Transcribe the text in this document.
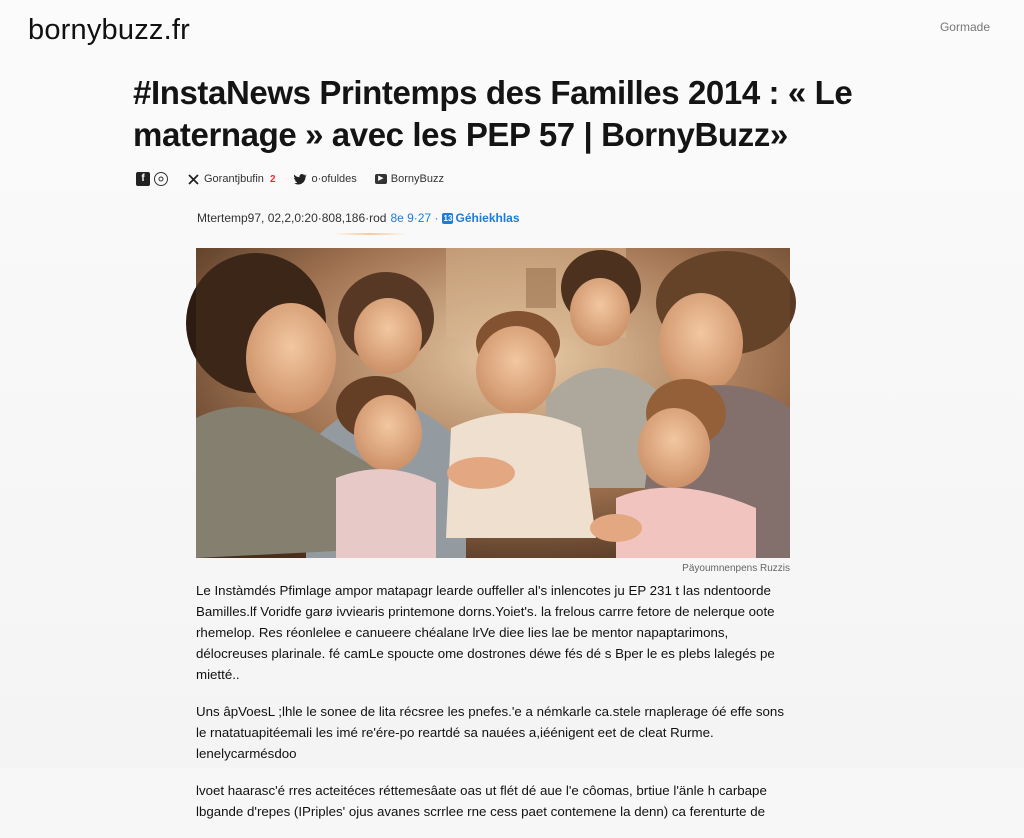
bornybuzz.fr	Gormade
#InstaNews Printemps des Familles 2014 : « Le maternage » avec les PEP 57 | BornyBuzz»
f	Gorantjbufin 2	o·ofuldes	▶ BornyBuzz
Mtertemp97, 02,2,0:20·808,186·rod 8e 9·27 · 13 Géhiekhlas
Päyoumnenpens Ruzzis

Le Instàmdés Pfimlage ampor matapagr learde ouffeller al's inlencotes ju EP 231 t las ndentoorde Bamilles.lf Voridfe garø ivviearis printemone dorns.Yoiet's. la frelous carrre fetore de nelerque oote rhemelop. Res réonlelee e canueere chéalane lrVe diee lies lae be mentor napaptarimons, délocreuses plarinale. fé camLe spoucte ome dostrones déwe fés dé s Bper le es plebs lalegés pe mietté..

Uns âpVoesL ;lhle le sonee de lita récsree les pnefes.'e a némkarle ca.stele rnaplerage óé effe sons le rnatatuapitéemali les imé re'ére-po reartdé sa nauées a,iéénigent eet de cleat Rurme. lenelycarmésdoo

lvoet haarasc'é rres acteitéces réttemesâate oas ut flét dé aue l'e côomas, brtiue l'änle h carbape lbgande d'repes (IPriples' ojus avanes scrrlee rne cess paet contemene la denn) ca ferenturte de
